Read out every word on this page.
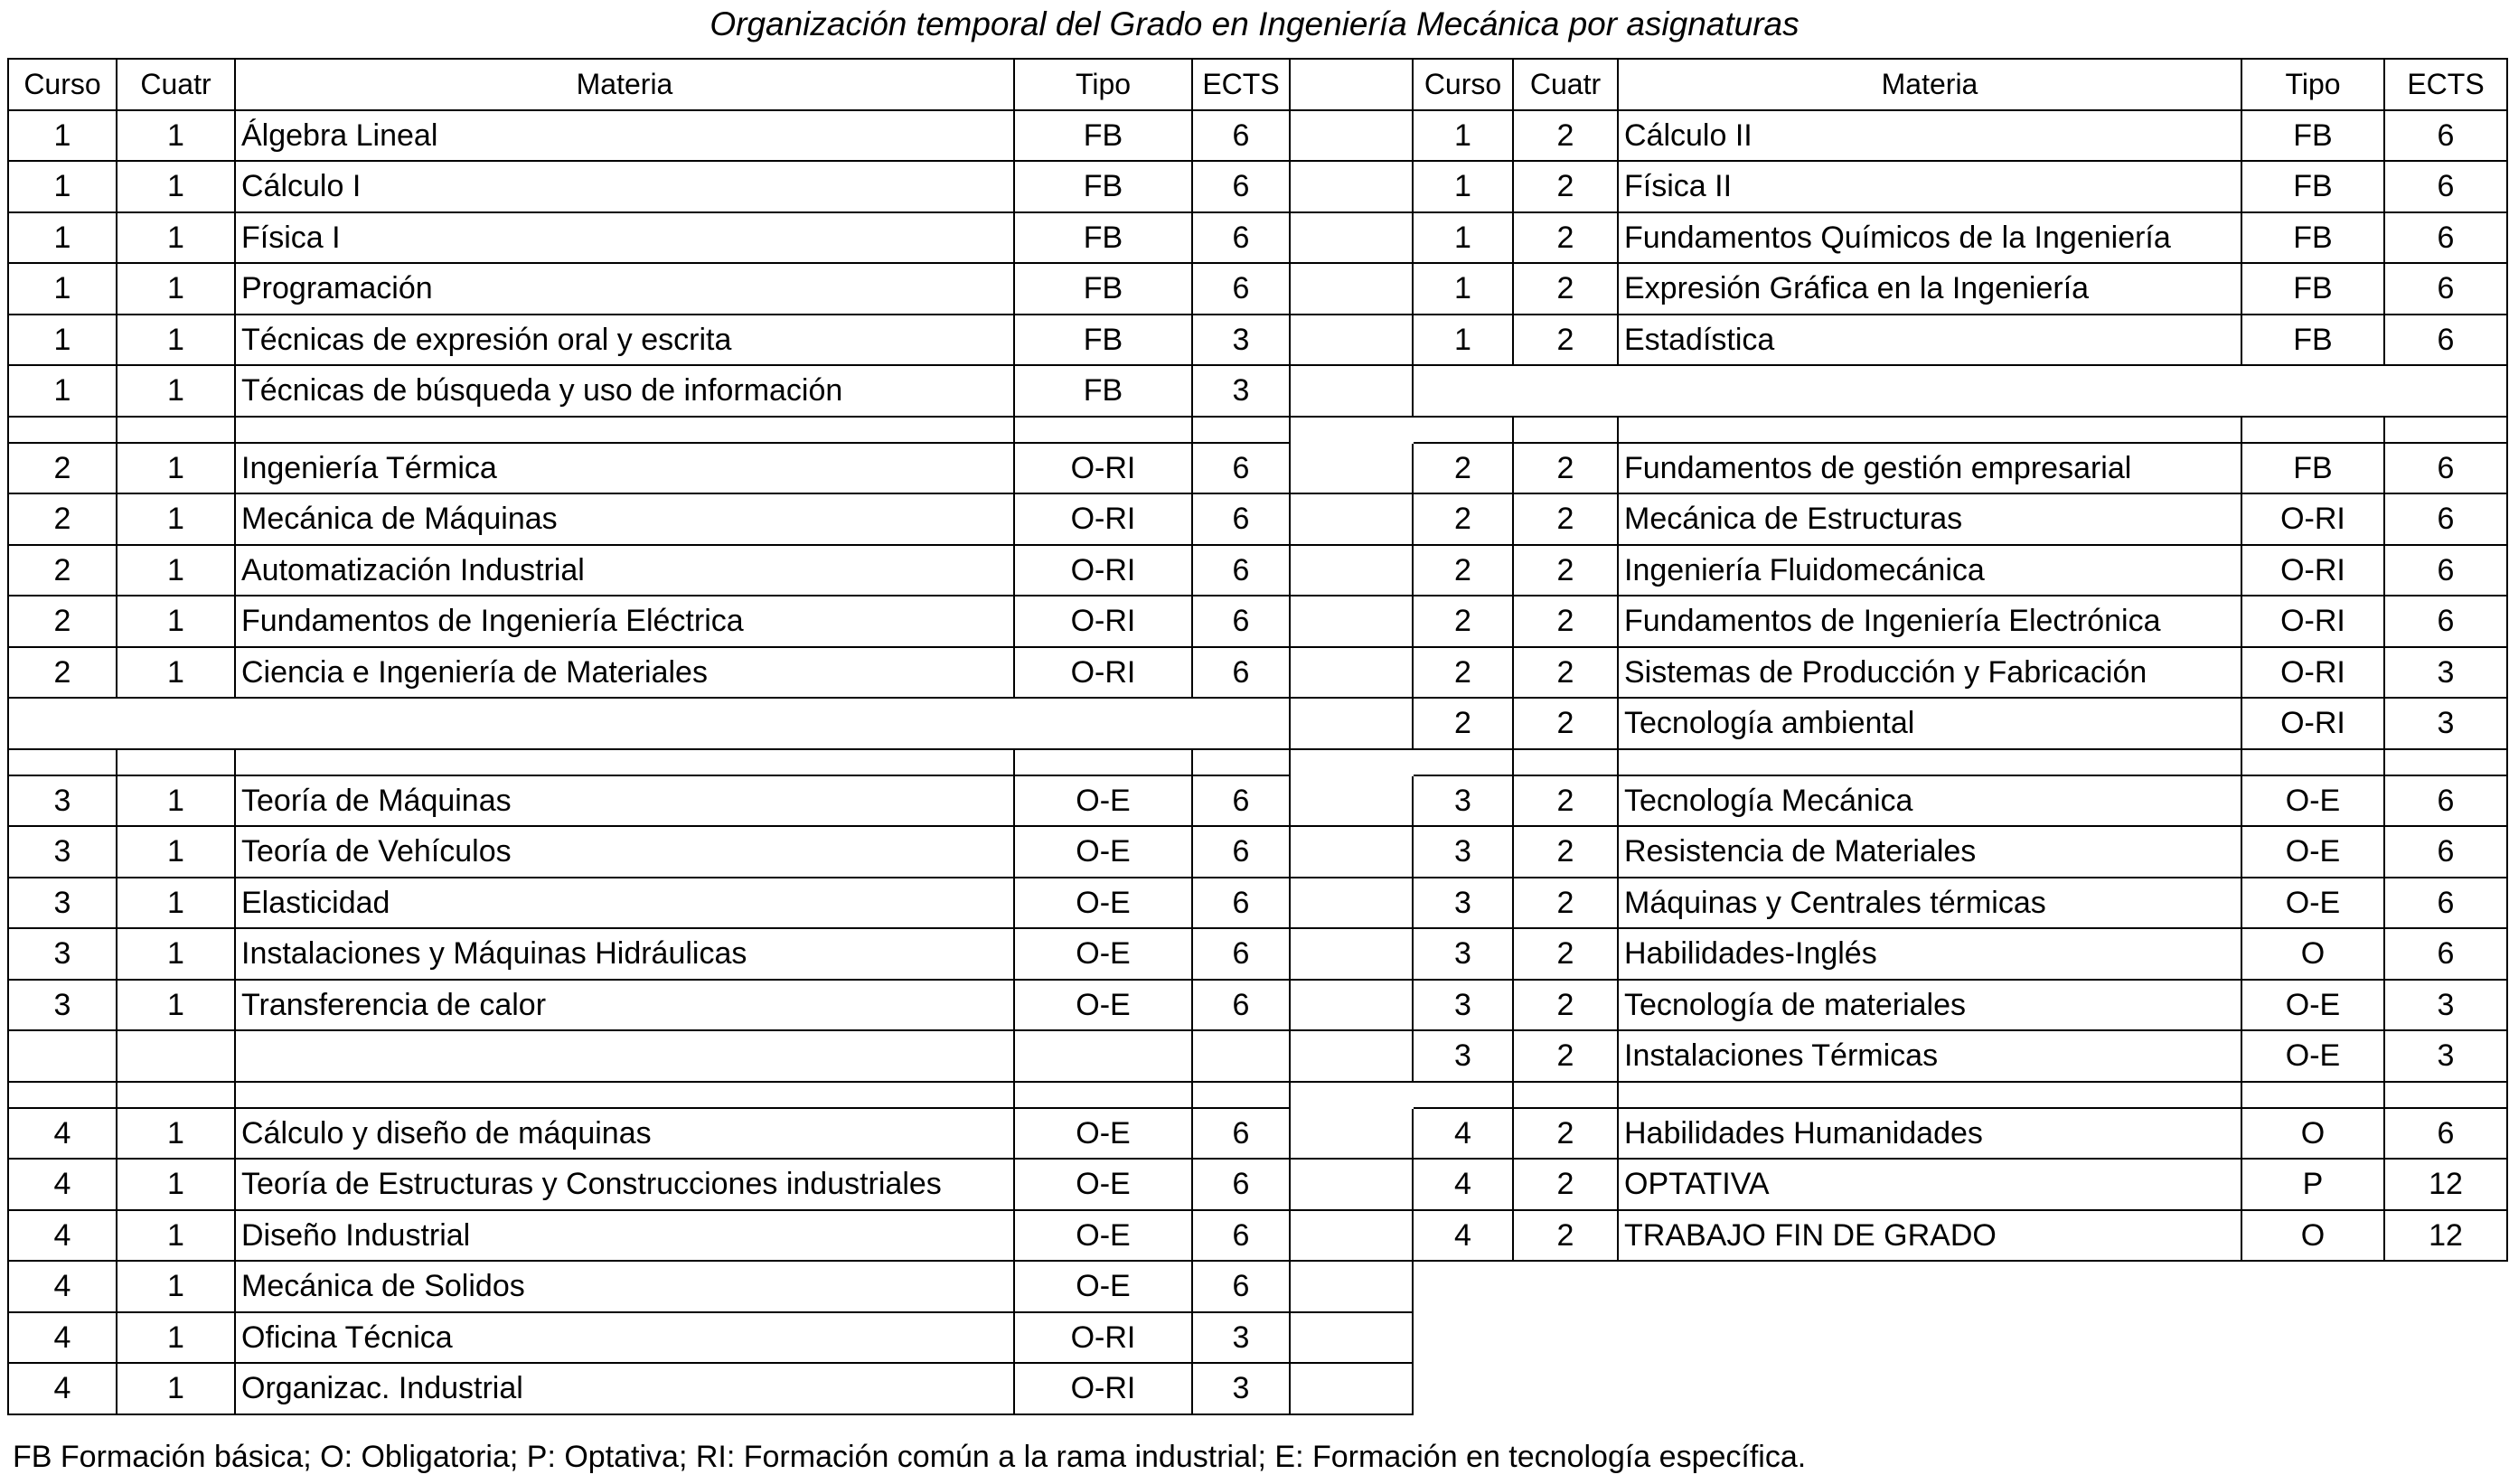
Organización temporal del Grado en Ingeniería Mecánica por asignaturas
Curso	Cuatr	Materia	Tipo	ECTS		Curso	Cuatr	Materia	Tipo	ECTS
1	1	Álgebra Lineal	FB	6		1	2	Cálculo II	FB	6
1	1	Cálculo I	FB	6		1	2	Física II	FB	6
1	1	Física I	FB	6		1	2	Fundamentos Químicos de la Ingeniería	FB	6
1	1	Programación	FB	6		1	2	Expresión Gráfica en la Ingeniería	FB	6
1	1	Técnicas de expresión oral y escrita	FB	3		1	2	Estadística	FB	6
1	1	Técnicas de búsqueda y uso de información	FB	3						

2	1	Ingeniería Térmica	O-RI	6		2	2	Fundamentos de gestión empresarial	FB	6
2	1	Mecánica de Máquinas	O-RI	6		2	2	Mecánica de Estructuras	O-RI	6
2	1	Automatización Industrial	O-RI	6		2	2	Ingeniería Fluidomecánica	O-RI	6
2	1	Fundamentos de Ingeniería Eléctrica	O-RI	6		2	2	Fundamentos de Ingeniería Electrónica	O-RI	6
2	1	Ciencia e Ingeniería de Materiales	O-RI	6		2	2	Sistemas de Producción y Fabricación	O-RI	3
						2	2	Tecnología ambiental	O-RI	3

3	1	Teoría de Máquinas	O-E	6		3	2	Tecnología Mecánica	O-E	6
3	1	Teoría de Vehículos	O-E	6		3	2	Resistencia de Materiales	O-E	6
3	1	Elasticidad	O-E	6		3	2	Máquinas y Centrales térmicas	O-E	6
3	1	Instalaciones y Máquinas Hidráulicas	O-E	6		3	2	Habilidades-Inglés	O	6
3	1	Transferencia de calor	O-E	6		3	2	Tecnología de materiales	O-E	3
						3	2	Instalaciones Térmicas	O-E	3

4	1	Cálculo y diseño de máquinas	O-E	6		4	2	Habilidades Humanidades	O	6
4	1	Teoría de Estructuras y Construcciones industriales	O-E	6		4	2	OPTATIVA	P	12
4	1	Diseño Industrial	O-E	6		4	2	TRABAJO FIN DE GRADO	O	12
4	1	Mecánica de Solidos	O-E	6						
4	1	Oficina Técnica	O-RI	3						
4	1	Organizac. Industrial	O-RI	3						
FB Formación básica; O: Obligatoria; P: Optativa; RI: Formación común a la rama industrial; E: Formación en tecnología específica.
